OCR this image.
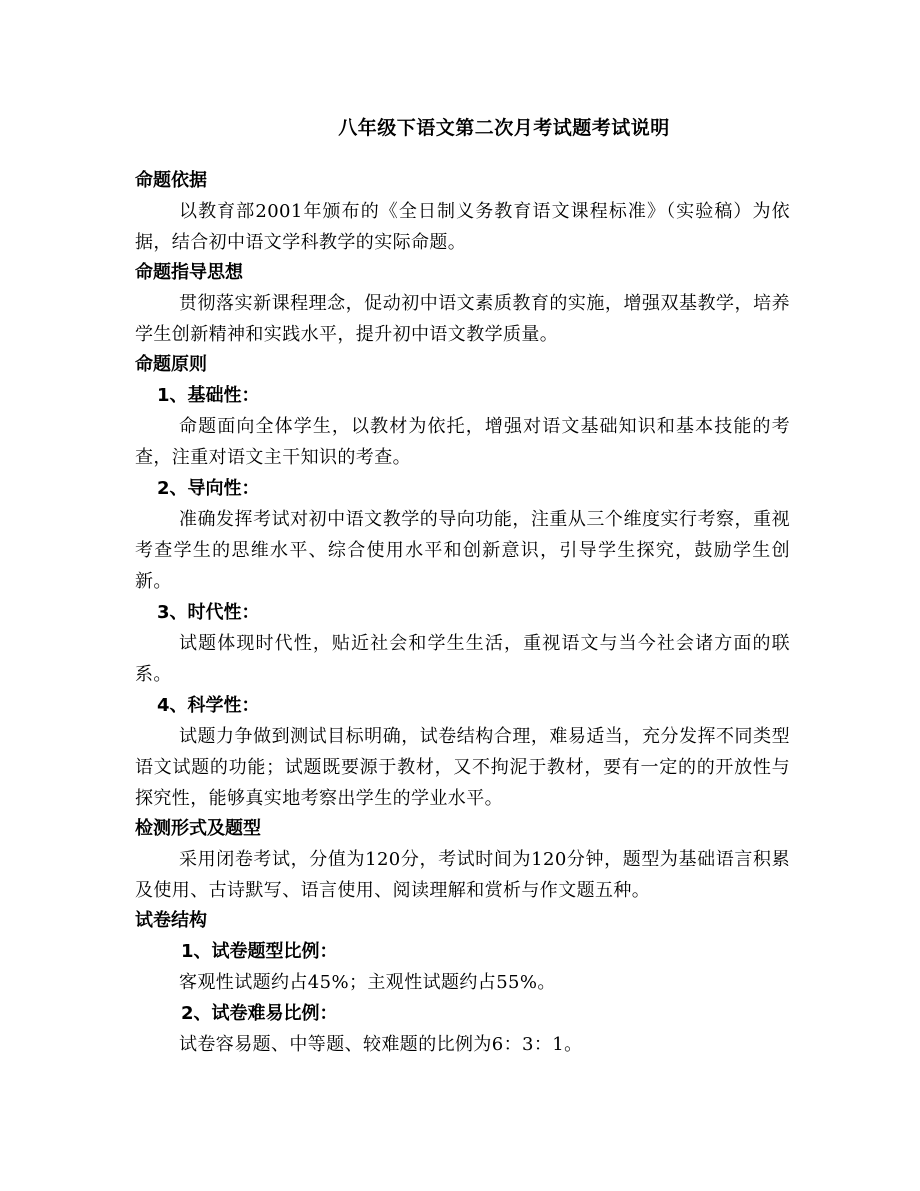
八年级下语文第二次月考试题考试说明
命题依据

以教育部2001年颁布的《全日制义务教育语文课程标准》（实验稿）为依据，结合初中语文学科教学的实际命题。

命题指导思想

贯彻落实新课程理念，促动初中语文素质教育的实施，增强双基教学，培养学生创新精神和实践水平，提升初中语文教学质量。

命题原则
1、基础性：

命题面向全体学生，以教材为依托，增强对语文基础知识和基本技能的考查，注重对语文主干知识的考查。

2、导向性：

准确发挥考试对初中语文教学的导向功能，注重从三个维度实行考察，重视考查学生的思维水平、综合使用水平和创新意识，引导学生探究，鼓励学生创新。

3、时代性：

试题体现时代性，贴近社会和学生生活，重视语文与当今社会诸方面的联系。

4、科学性：

试题力争做到测试目标明确，试卷结构合理，难易适当，充分发挥不同类型语文试题的功能；试题既要源于教材，又不拘泥于教材，要有一定的的开放性与探究性，能够真实地考察出学生的学业水平。

检测形式及题型

采用闭卷考试，分值为120分，考试时间为120分钟，题型为基础语言积累及使用、古诗默写、语言使用、阅读理解和赏析与作文题五种。

试卷结构
1、试卷题型比例：

客观性试题约占45%；主观性试题约占55%。

2、试卷难易比例：

试卷容易题、中等题、较难题的比例为6：3：1。
